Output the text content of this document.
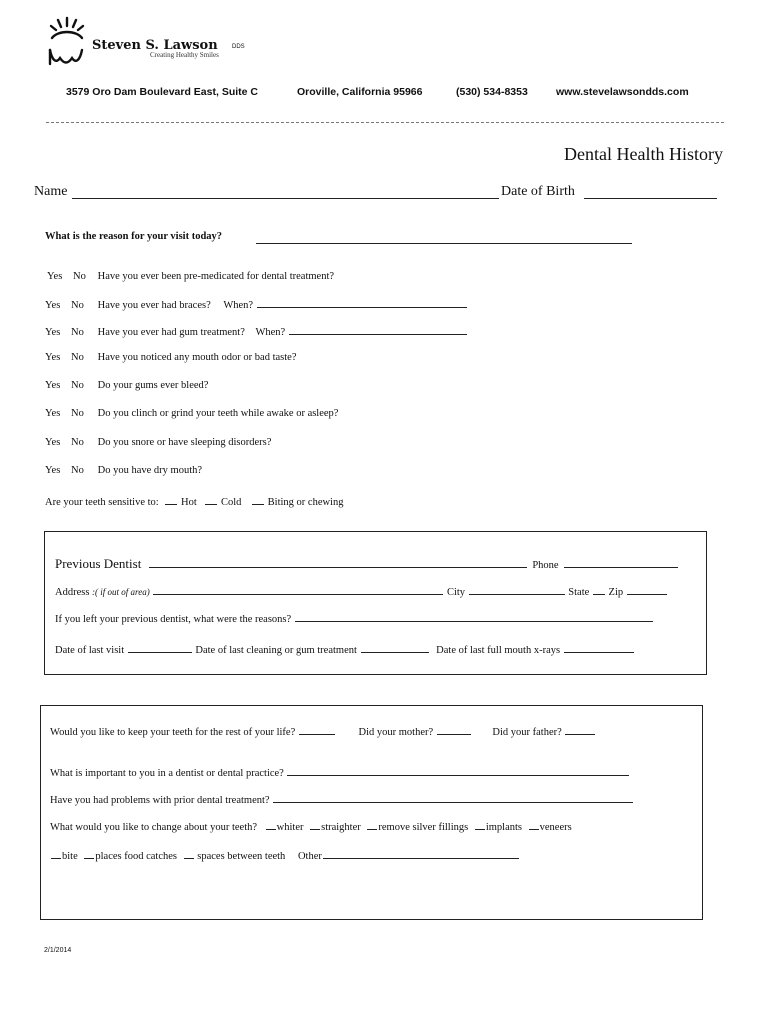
Steven S. Lawson DDS
Creating Healthy Smiles
3579 Oro Dam Boulevard East, Suite C	Oroville, California 95966	(530) 534-8353	www.stevelawsondds.com
Dental Health History
Name	Date of Birth
What is the reason for your visit today?
Yes No Have you ever been pre-medicated for dental treatment?
Yes No Have you ever had braces? When?
Yes No Have you ever had gum treatment? When?
Yes No Have you noticed any mouth odor or bad taste?
Yes No Do your gums ever bleed?
Yes No Do you clinch or grind your teeth while awake or asleep?
Yes No Do you snore or have sleeping disorders?
Yes No Do you have dry mouth?
Are your teeth sensitive to: Hot Cold	Biting or chewing
Previous Dentist	Phone
Address :( if out of area)	City	State Zip
If you left your previous dentist, what were the reasons?
Date of last visit	Date of last cleaning or gum treatment	Date of last full mouth x-rays
Would you like to keep your teeth for the rest of your life?	Did your mother?	Did your father?
What is important to you in a dentist or dental practice?
Have you had problems with prior dental treatment?
What would you like to change about your teeth? whiter straighter remove silver fillings implants veneers
bite places food catches spaces between teeth Other
2/1/2014
